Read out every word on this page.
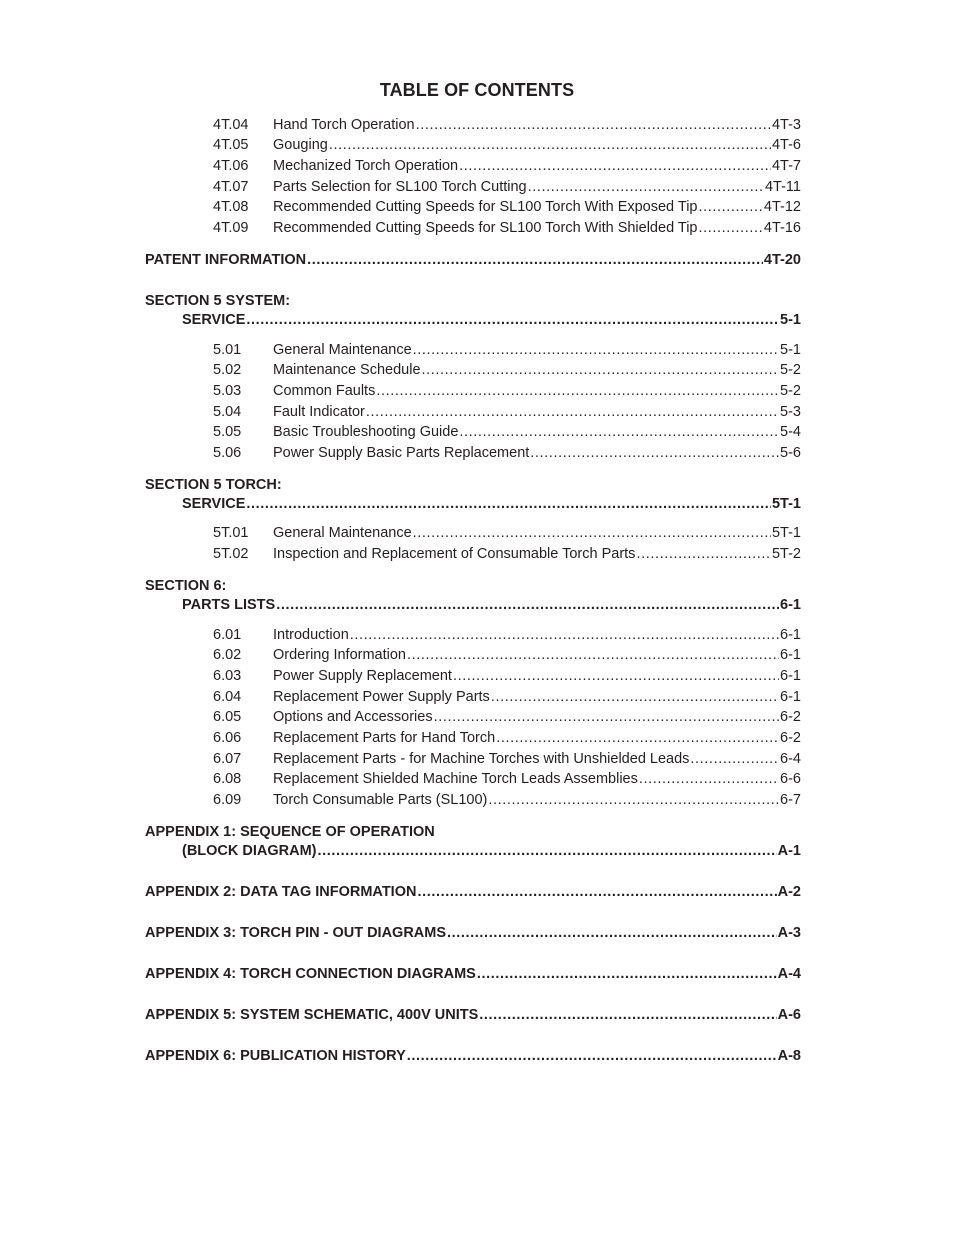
TABLE OF CONTENTS
4T.04	Hand Torch Operation .....	4T-3
4T.05	Gouging .....	4T-6
4T.06	Mechanized Torch Operation .....	4T-7
4T.07	Parts Selection for SL100 Torch Cutting .....	4T-11
4T.08	Recommended Cutting Speeds for SL100 Torch With Exposed Tip .....	4T-12
4T.09	Recommended Cutting Speeds for SL100 Torch With Shielded Tip .....	4T-16
PATENT INFORMATION .....	4T-20
SECTION 5 SYSTEM:
SERVICE .....	5-1
5.01	General Maintenance .....	5-1
5.02	Maintenance Schedule .....	5-2
5.03	Common Faults .....	5-2
5.04	Fault Indicator .....	5-3
5.05	Basic Troubleshooting Guide .....	5-4
5.06	Power Supply Basic Parts Replacement .....	5-6
SECTION 5 TORCH:
SERVICE .....	5T-1
5T.01	General Maintenance .....	5T-1
5T.02	Inspection and Replacement of Consumable Torch Parts .....	5T-2
SECTION 6:
PARTS LISTS .....	6-1
6.01	Introduction .....	6-1
6.02	Ordering Information .....	6-1
6.03	Power Supply Replacement .....	6-1
6.04	Replacement Power Supply Parts .....	6-1
6.05	Options and Accessories .....	6-2
6.06	Replacement Parts for Hand Torch .....	6-2
6.07	Replacement Parts - for Machine Torches with Unshielded Leads .....	6-4
6.08	Replacement Shielded Machine Torch Leads Assemblies .....	6-6
6.09	Torch Consumable Parts (SL100) .....	6-7
APPENDIX 1: SEQUENCE OF OPERATION
(BLOCK DIAGRAM) .....	A-1
APPENDIX 2: DATA TAG INFORMATION .....	A-2
APPENDIX 3: TORCH PIN - OUT DIAGRAMS .....	A-3
APPENDIX 4: TORCH CONNECTION DIAGRAMS .....	A-4
APPENDIX 5: SYSTEM SCHEMATIC, 400V UNITS .....	A-6
APPENDIX 6: PUBLICATION HISTORY .....	A-8
